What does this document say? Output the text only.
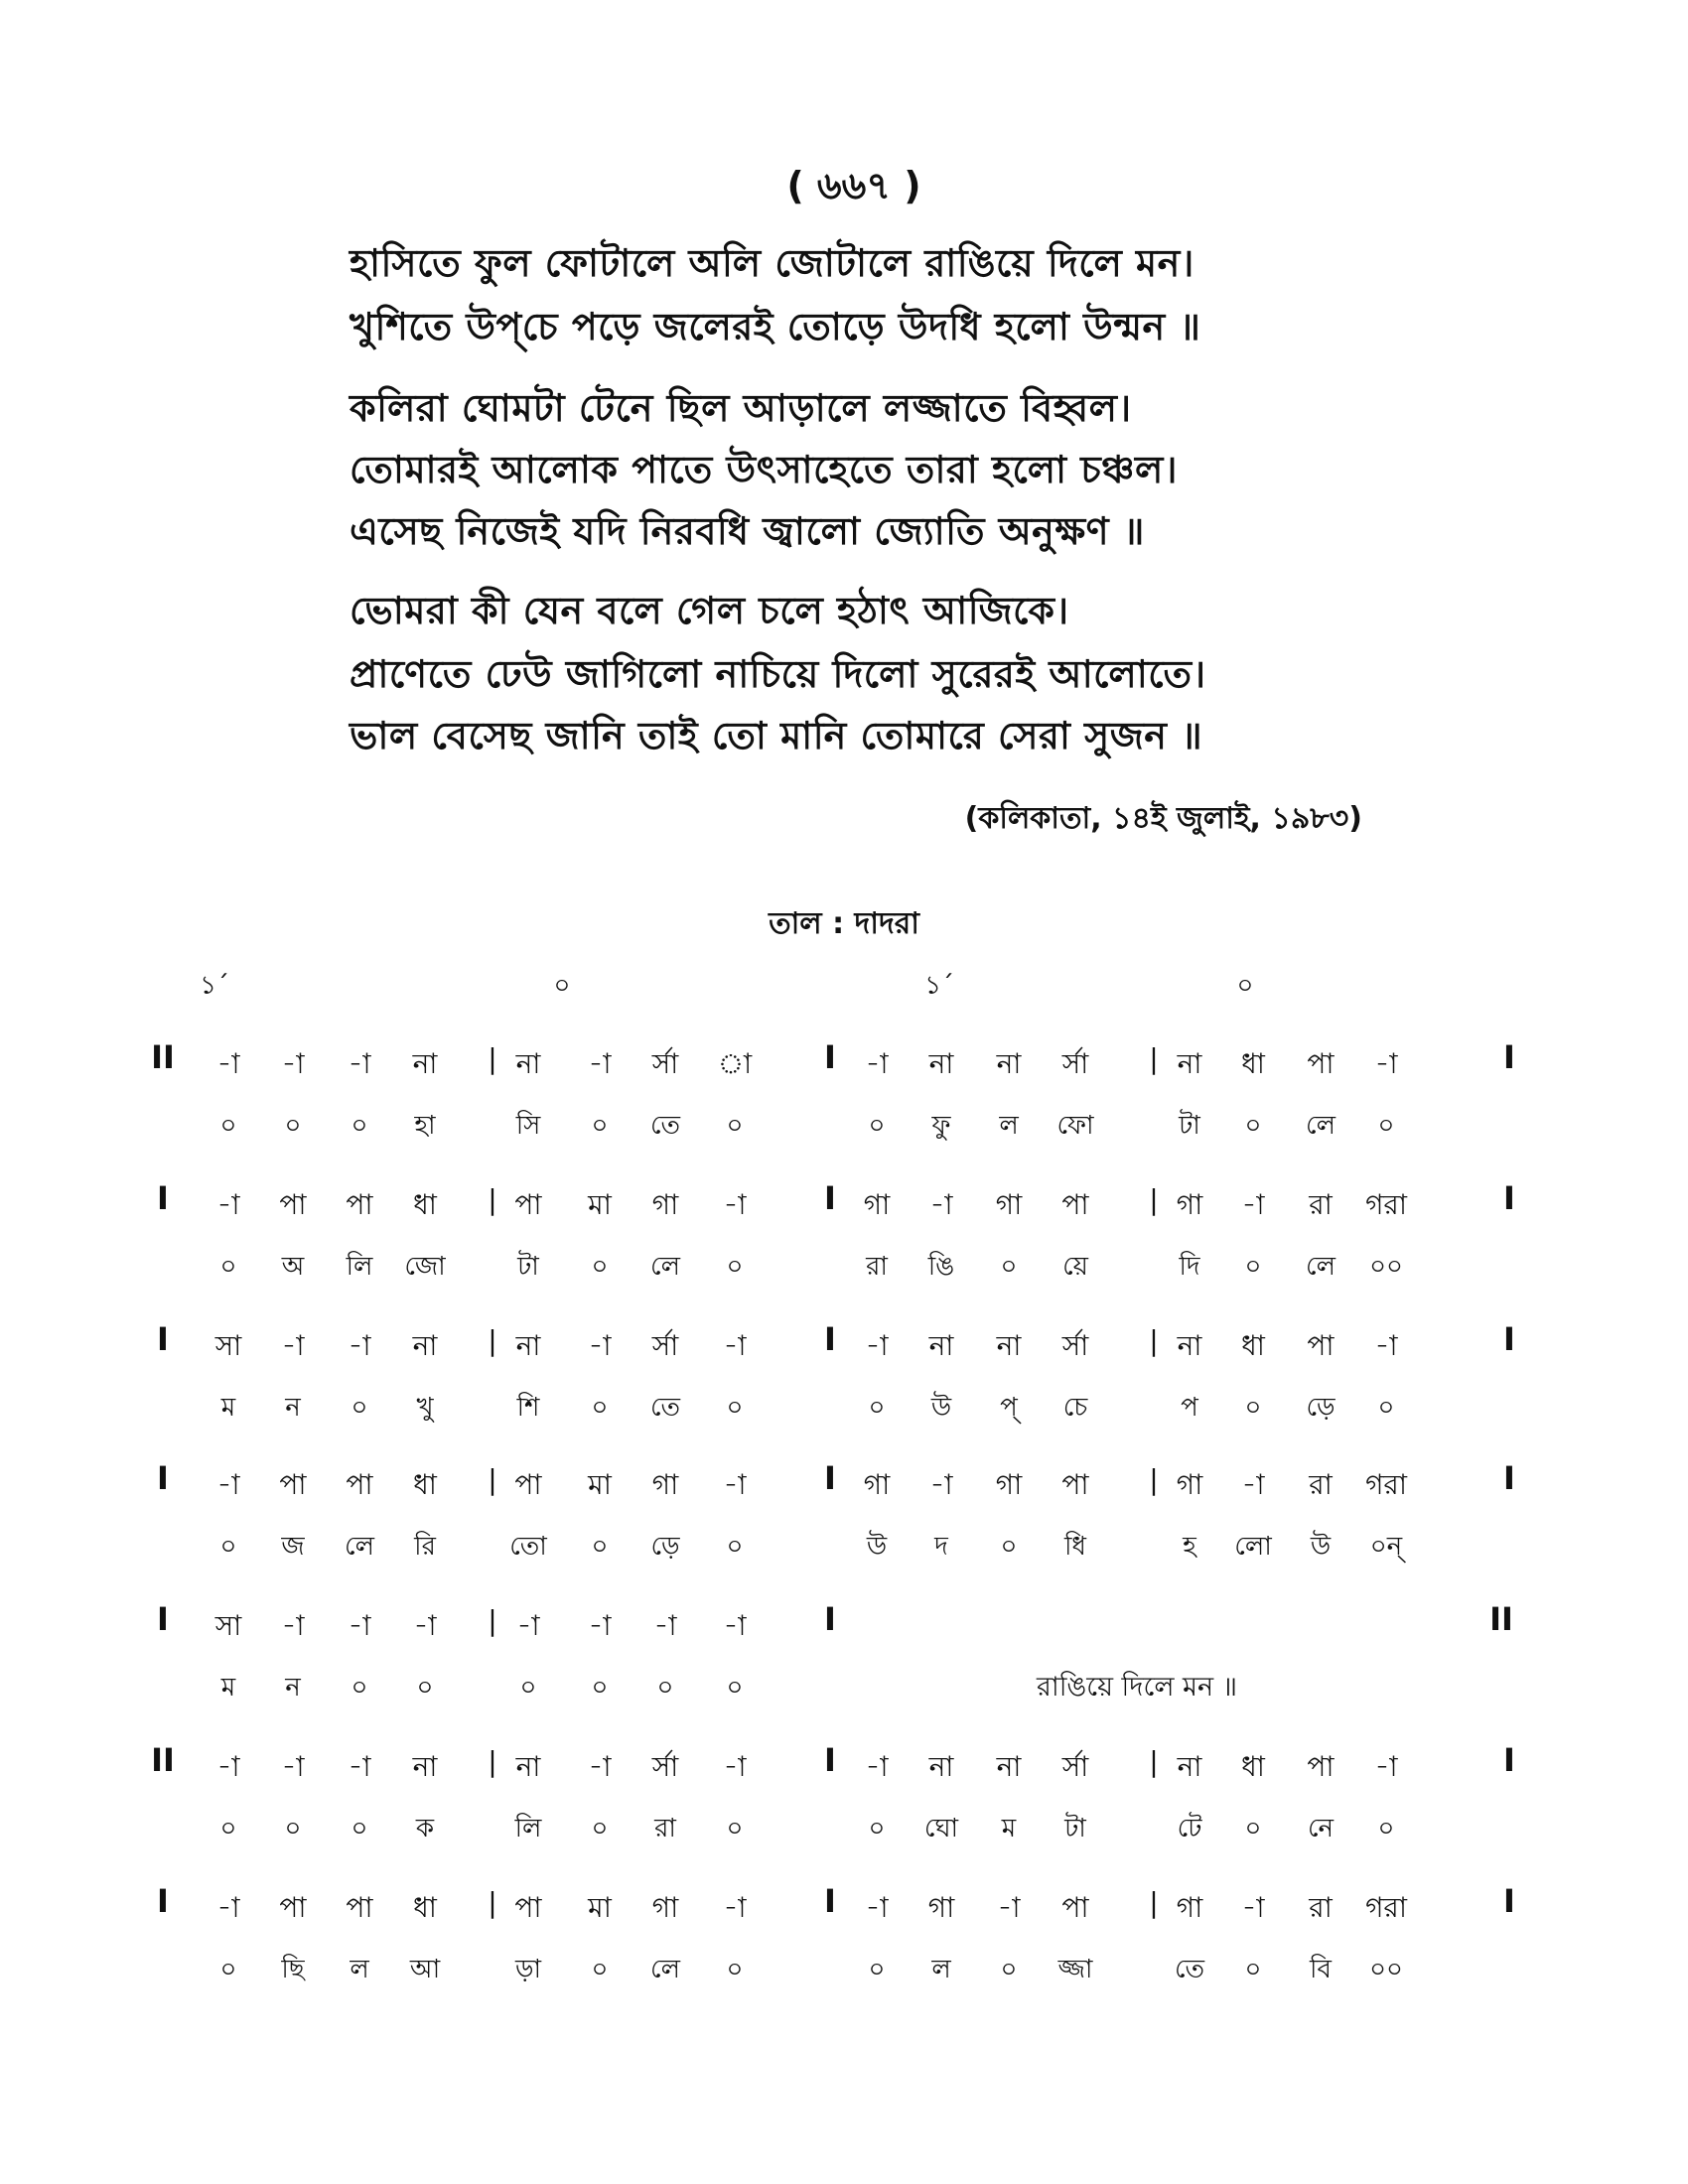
( ৬৬৭ )
হাসিতে ফুল ফোটালে অলি জোটালে রাঙিয়ে দিলে মন।
খুশিতে উপ্‌চে পড়ে জলেরই তোড়ে উদধি হলো উন্মন ॥
কলিরা ঘোমটা টেনে ছিল আড়ালে লজ্জাতে বিহ্বল।
তোমারই আলোক পাতে উৎসাহেতে তারা হলো চঞ্চল।
এসেছ নিজেই যদি নিরবধি জ্বালো জ্যোতি অনুক্ষণ ॥
ভোমরা কী যেন বলে গেল চলে হঠাৎ আজিকে।
প্রাণেতে ঢেউ জাগিলো নাচিয়ে দিলো সুরেরই আলোতে।
ভাল বেসেছ জানি তাই তো মানি তোমারে সেরা সুজন ॥
(কলিকাতা, ১৪ই জুলাই, ১৯৮৩)
তাল : দাদরা
১´	০	১´	০
II -া -া -া না | না -া র্সা া I -া না না র্সা | না ধা পা -া
০ ০ ০ হা	সি ০ তে ০	০ ফু ল ফো	টা ০ লে ০
I
I -া পা পা ধা | পা মা গা -া I গা -া গা পা | গা -া রা গরা
০ অ লি জো	টা ০ লে ০	রা ঙি ০ য়ে	দি ০ লে ০০
I
I সা -া -া না | না -া র্সা -া I -া না না র্সা | না ধা পা -া
ম ন ০ খু	শি ০ তে ০	০ উ প্‌ চে	প ০ ড়ে ০
I
I -া পা পা ধা | পা মা গা -া I গা -া গা পা | গা -া রা গরা
০ জ লে রি	তো ০ ড়ে ০	উ দ ০ ধি	হ লো উ ০ন্‌
I
I সা -া -া -া | -া -া -া -া
ম ন ০ ০	০ ০ ০ ০
I	II
রাঙিয়ে দিলে মন ॥
II -া -া -া না | না -া র্সা -া I -া না না র্সা | না ধা পা -া
০ ০ ০ ক	লি ০ রা ০	০ ঘো ম টা	টে ০ নে ০
I
I -া পা পা ধা | পা মা গা -া I -া গা -া পা | গা -া রা গরা
০ ছি ল আ	ড়া ০ লে ০	০ ল ০ জ্জা	তে ০ বি ০০
I
